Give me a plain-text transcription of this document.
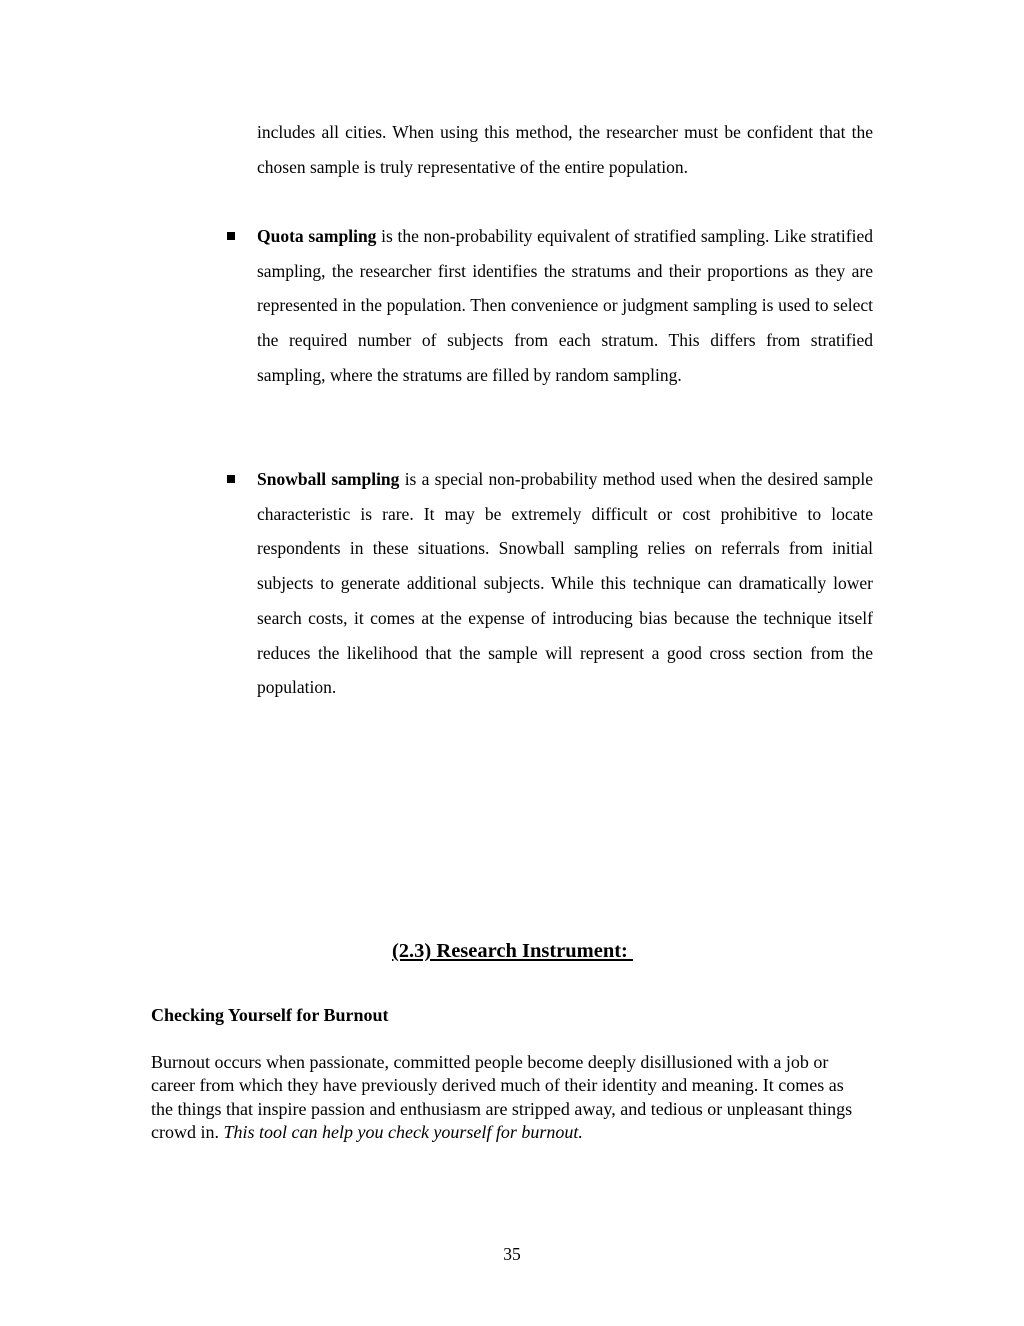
includes all cities. When using this method, the researcher must be confident that the chosen sample is truly representative of the entire population.

Quota sampling is the non-probability equivalent of stratified sampling. Like stratified sampling, the researcher first identifies the stratums and their proportions as they are represented in the population. Then convenience or judgment sampling is used to select the required number of subjects from each stratum. This differs from stratified sampling, where the stratums are filled by random sampling.

Snowball sampling is a special non-probability method used when the desired sample characteristic is rare. It may be extremely difficult or cost prohibitive to locate respondents in these situations. Snowball sampling relies on referrals from initial subjects to generate additional subjects. While this technique can dramatically lower search costs, it comes at the expense of introducing bias because the technique itself reduces the likelihood that the sample will represent a good cross section from the population.

(2.3) Research Instrument:
Checking Yourself for Burnout

Burnout occurs when passionate, committed people become deeply disillusioned with a job or career from which they have previously derived much of their identity and meaning. It comes as the things that inspire passion and enthusiasm are stripped away, and tedious or unpleasant things crowd in. This tool can help you check yourself for burnout.

35
